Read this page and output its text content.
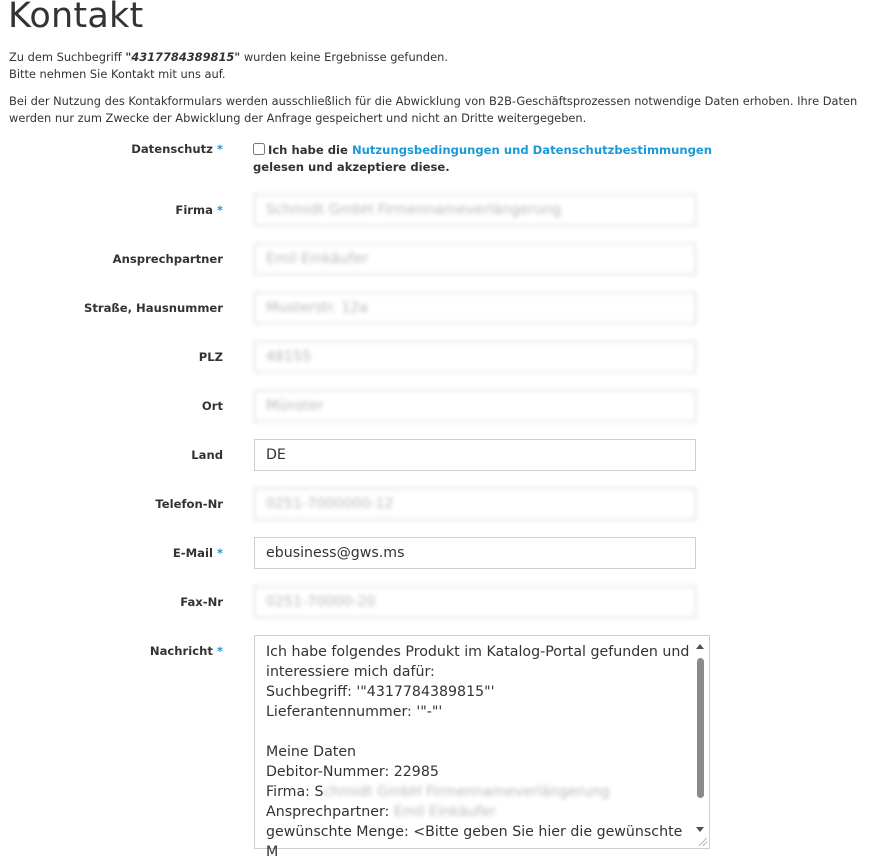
Kontakt
Zu dem Suchbegriff "4317784389815" wurden keine Ergebnisse gefunden.
Bitte nehmen Sie Kontakt mit uns auf.
Bei der Nutzung des Kontakformulars werden ausschließlich für die Abwicklung von B2B-Geschäftsprozessen notwendige Daten erhoben. Ihre Daten
werden nur zum Zwecke der Abwicklung der Anfrage gespeichert und nicht an Dritte weitergegeben.
Datenschutz *	Ich habe die Nutzungsbedingungen und Datenschutzbestimmungen
gelesen und akzeptiere diese.
Firma *
Schmidt GmbH Firmennameverlängerung
Ansprechpartner
Emil Einkäufer
Straße, Hausnummer
Musterstr. 12a
PLZ
48155
Ort
Münster
Land
DE
Telefon-Nr
0251-7000000-12
E-Mail *
ebusiness@gws.ms
Fax-Nr
0251-70000-20
Nachricht *	Ich habe folgendes Produkt im Katalog-Portal gefunden und
interessiere mich dafür:
Suchbegriff: '"4317784389815"'
Lieferantennummer: '"-"'
Meine Daten
Debitor-Nummer: 22985
Firma: Schmidt GmbH Firmennameverlängerung
Ansprechpartner: Emil Einkäufer
gewünschte Menge: <Bitte geben Sie hier die gewünschte
M
